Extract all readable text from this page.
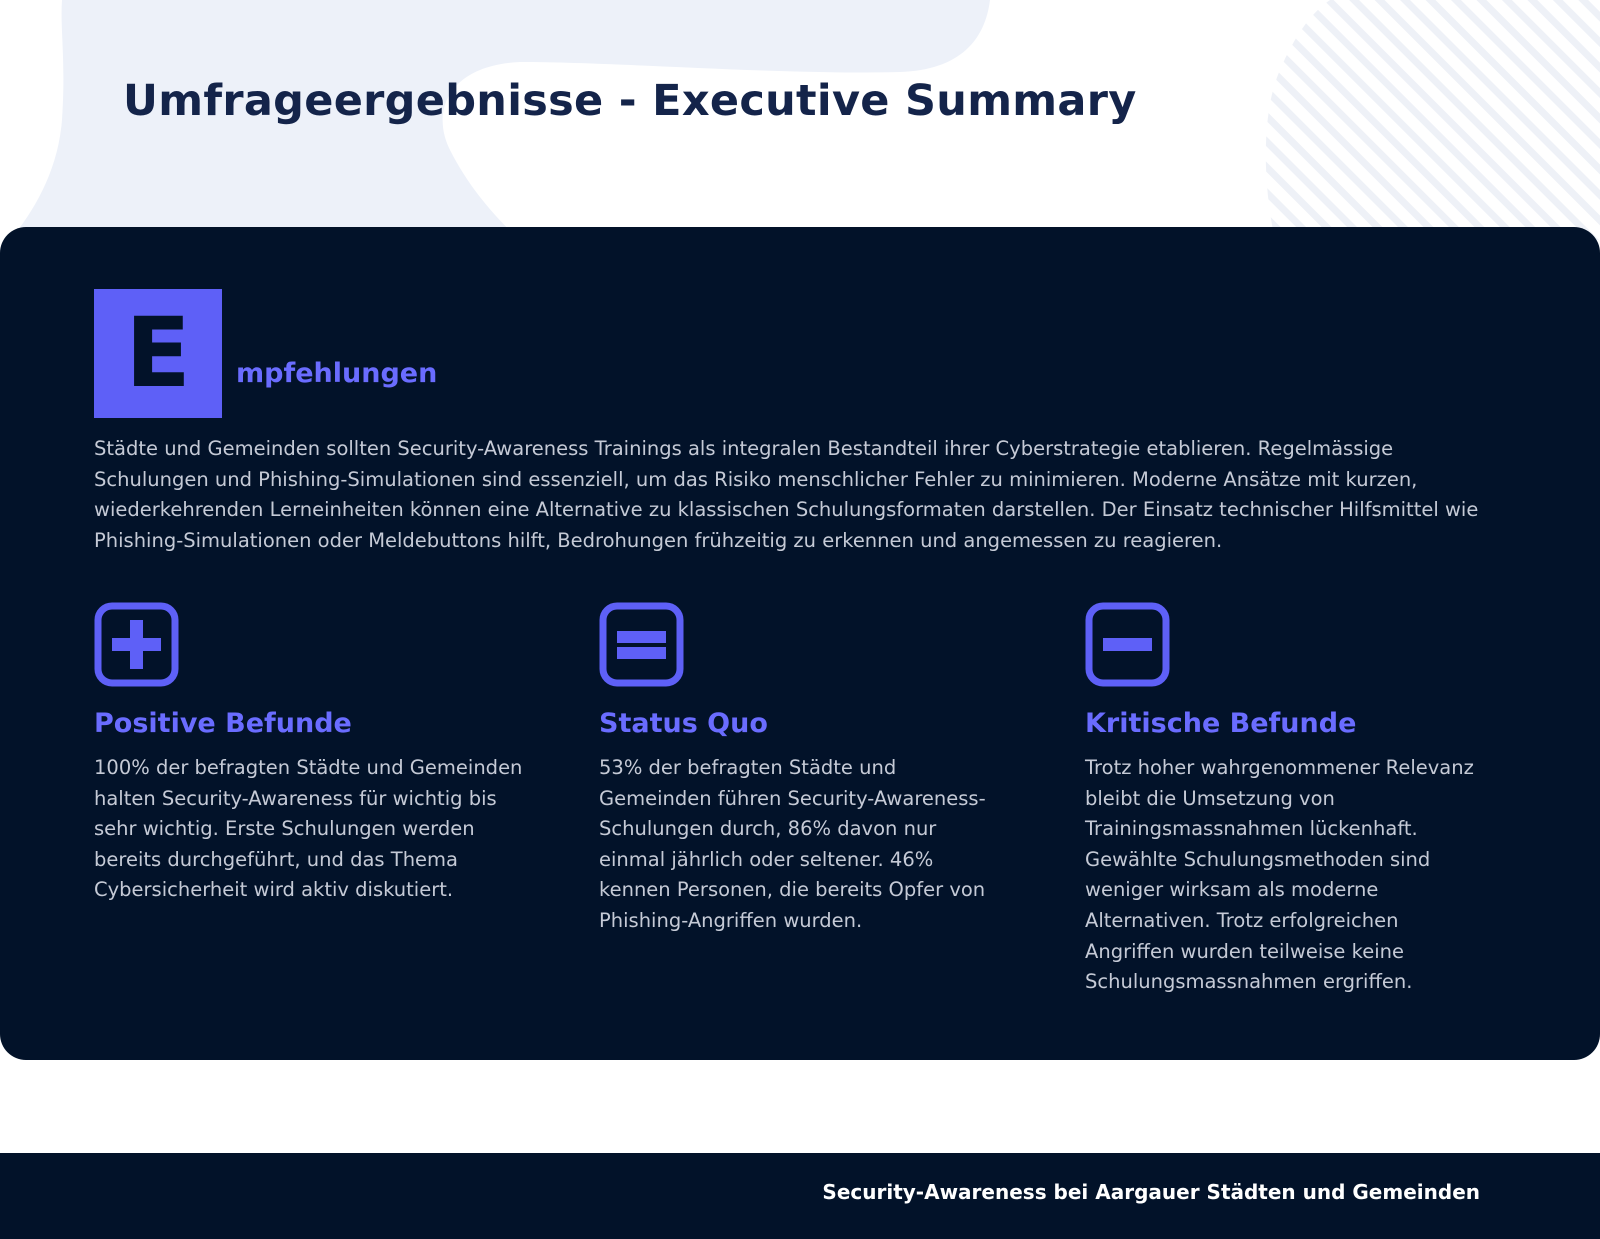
Umfrageergebnisse - Executive Summary
E	mpfehlungen

Städte und Gemeinden sollten Security-Awareness Trainings als integralen Bestandteil ihrer Cyberstrategie etablieren. Regelmässige Schulungen und Phishing-Simulationen sind essenziell, um das Risiko menschlicher Fehler zu minimieren. Moderne Ansätze mit kurzen, wiederkehrenden Lerneinheiten können eine Alternative zu klassischen Schulungsformaten darstellen. Der Einsatz technischer Hilfsmittel wie Phishing-Simulationen oder Meldebuttons hilft, Bedrohungen frühzeitig zu erkennen und angemessen zu reagieren.

Positive Befunde

100% der befragten Städte und Gemeinden halten Security-Awareness für wichtig bis sehr wichtig. Erste Schulungen werden bereits durchgeführt, und das Thema Cybersicherheit wird aktiv diskutiert.

Status Quo

53% der befragten Städte und Gemeinden führen Security-Awareness-Schulungen durch, 86% davon nur einmal jährlich oder seltener. 46% kennen Personen, die bereits Opfer von Phishing-Angriffen wurden.

Kritische Befunde

Trotz hoher wahrgenommener Relevanz bleibt die Umsetzung von Trainingsmassnahmen lückenhaft. Gewählte Schulungsmethoden sind weniger wirksam als moderne Alternativen. Trotz erfolgreichen Angriffen wurden teilweise keine Schulungsmassnahmen ergriffen.

Security-Awareness bei Aargauer Städten und Gemeinden
